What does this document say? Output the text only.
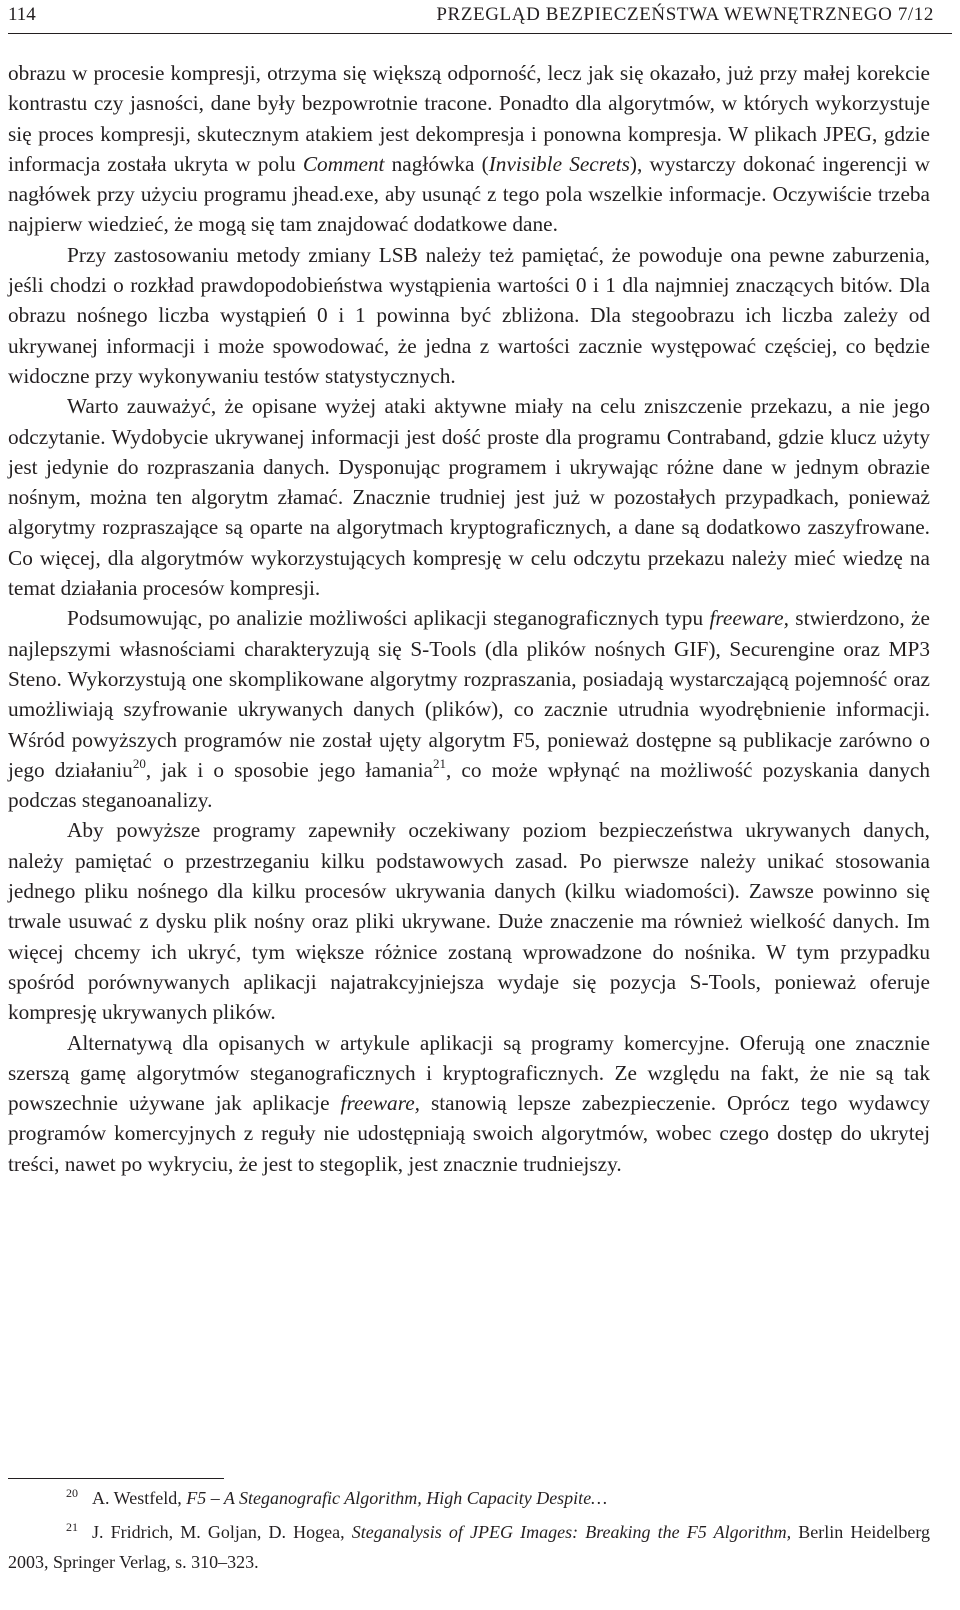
114	PRZEGLĄD BEZPIECZEŃSTWA WEWNĘTRZNEGO 7/12

obrazu w procesie kompresji, otrzyma się większą odporność, lecz jak się okazało, już przy małej korekcie kontrastu czy jasności, dane były bezpowrotnie tracone. Ponadto dla algorytmów, w których wykorzystuje się proces kompresji, skutecznym atakiem jest dekompresja i ponowna kompresja. W plikach JPEG, gdzie informacja została ukryta w polu Comment nagłówka (Invisible Secrets), wystarczy dokonać ingerencji w nagłówek przy użyciu programu jhead.exe, aby usunąć z tego pola wszelkie informacje. Oczywiście trzeba najpierw wiedzieć, że mogą się tam znajdować dodatkowe dane.

Przy zastosowaniu metody zmiany LSB należy też pamiętać, że powoduje ona pewne zaburzenia, jeśli chodzi o rozkład prawdopodobieństwa wystąpienia wartości 0 i 1 dla najmniej znaczących bitów. Dla obrazu nośnego liczba wystąpień 0 i 1 powinna być zbliżona. Dla stegoobrazu ich liczba zależy od ukrywanej informacji i może spowodować, że jedna z wartości zacznie występować częściej, co będzie widoczne przy wykonywaniu testów statystycznych.

Warto zauważyć, że opisane wyżej ataki aktywne miały na celu zniszczenie przekazu, a nie jego odczytanie. Wydobycie ukrywanej informacji jest dość proste dla programu Contraband, gdzie klucz użyty jest jedynie do rozpraszania danych. Dysponując programem i ukrywając różne dane w jednym obrazie nośnym, można ten algorytm złamać. Znacznie trudniej jest już w pozostałych przypadkach, ponieważ algorytmy rozpraszające są oparte na algorytmach kryptograficznych, a dane są dodatkowo zaszyfrowane. Co więcej, dla algorytmów wykorzystujących kompresję w celu odczytu przekazu należy mieć wiedzę na temat działania procesów kompresji.

Podsumowując, po analizie możliwości aplikacji steganograficznych typu freeware, stwierdzono, że najlepszymi własnościami charakteryzują się S-Tools (dla plików nośnych GIF), Securengine oraz MP3 Steno. Wykorzystują one skomplikowane algorytmy rozpraszania, posiadają wystarczającą pojemność oraz umożliwiają szyfrowanie ukrywanych danych (plików), co zacznie utrudnia wyodrębnienie informacji. Wśród powyższych programów nie został ujęty algorytm F5, ponieważ dostępne są publikacje zarówno o jego działaniu$^{20}$, jak i o sposobie jego łamania$^{21}$, co może wpłynąć na możliwość pozyskania danych podczas steganoanalizy.

Aby powyższe programy zapewniły oczekiwany poziom bezpieczeństwa ukrywanych danych, należy pamiętać o przestrzeganiu kilku podstawowych zasad. Po pierwsze należy unikać stosowania jednego pliku nośnego dla kilku procesów ukrywania danych (kilku wiadomości). Zawsze powinno się trwale usuwać z dysku plik nośny oraz pliki ukrywane. Duże znaczenie ma również wielkość danych. Im więcej chcemy ich ukryć, tym większe różnice zostaną wprowadzone do nośnika. W tym przypadku spośród porównywanych aplikacji najatrakcyjniejsza wydaje się pozycja S-Tools, ponieważ oferuje kompresję ukrywanych plików.

Alternatywą dla opisanych w artykule aplikacji są programy komercyjne. Oferują one znacznie szerszą gamę algorytmów steganograficznych i kryptograficznych. Ze względu na fakt, że nie są tak powszechnie używane jak aplikacje freeware, stanowią lepsze zabezpieczenie. Oprócz tego wydawcy programów komercyjnych z reguły nie udostępniają swoich algorytmów, wobec czego dostęp do ukrytej treści, nawet po wykryciu, że jest to stegoplik, jest znacznie trudniejszy.

$^{20}$ A. Westfeld, F5 – A Steganografic Algorithm, High Capacity Despite…

$^{21}$ J. Fridrich, M. Goljan, D. Hogea, Steganalysis of JPEG Images: Breaking the F5 Algorithm, Berlin Heidelberg 2003, Springer Verlag, s. 310–323.
